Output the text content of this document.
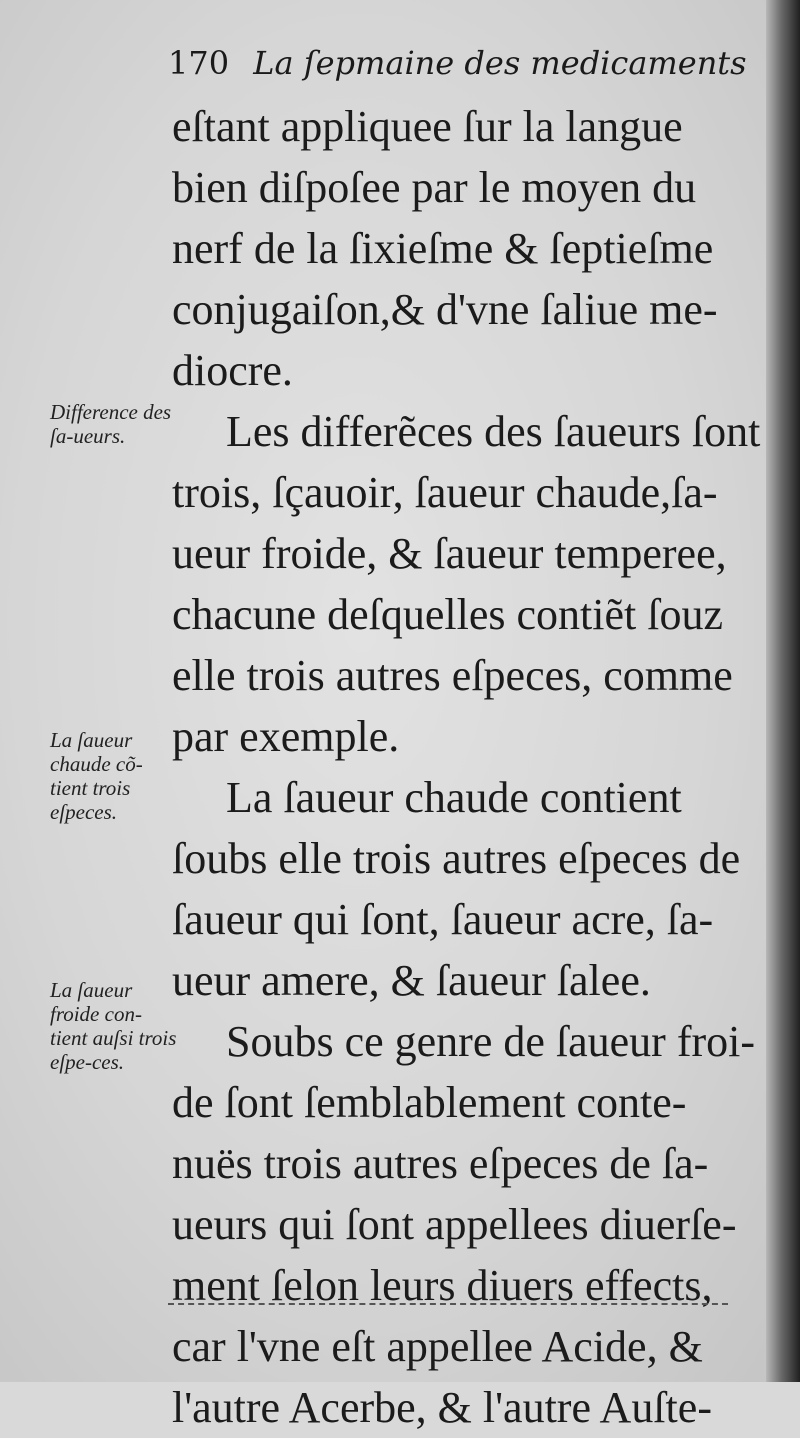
170 La ſepmaine des medicaments
eſtant appliquee ſur la langue
bien diſpoſee par le moyen du
nerf de la ſixieſme & ſeptieſme
conjugaiſon,& d'vne ſaliue me-
diocre.
Les differẽces des ſaueurs ſont
trois, ſçauoir, ſaueur chaude,ſa-
ueur froide, & ſaueur temperee,
chacune deſquelles contiẽt ſouz
elle trois autres eſpeces, comme
par exemple.
La ſaueur chaude contient
ſoubs elle trois autres eſpeces de
ſaueur qui ſont, ſaueur acre, ſa-
ueur amere, & ſaueur ſalee.
Soubs ce genre de ſaueur froi-
de ſont ſemblablement conte-
nuës trois autres eſpeces de ſa-
ueurs qui ſont appellees diuerſe-
ment ſelon leurs diuers effects,
car l'vne eſt appellee Acide, &
l'autre Acerbe, & l'autre Auſte-
Difference des ſa-ueurs.
La ſaueur chaude cõ-tient trois eſpeces.
La ſaueur froide con-tient auſsi trois eſpe-ces.
